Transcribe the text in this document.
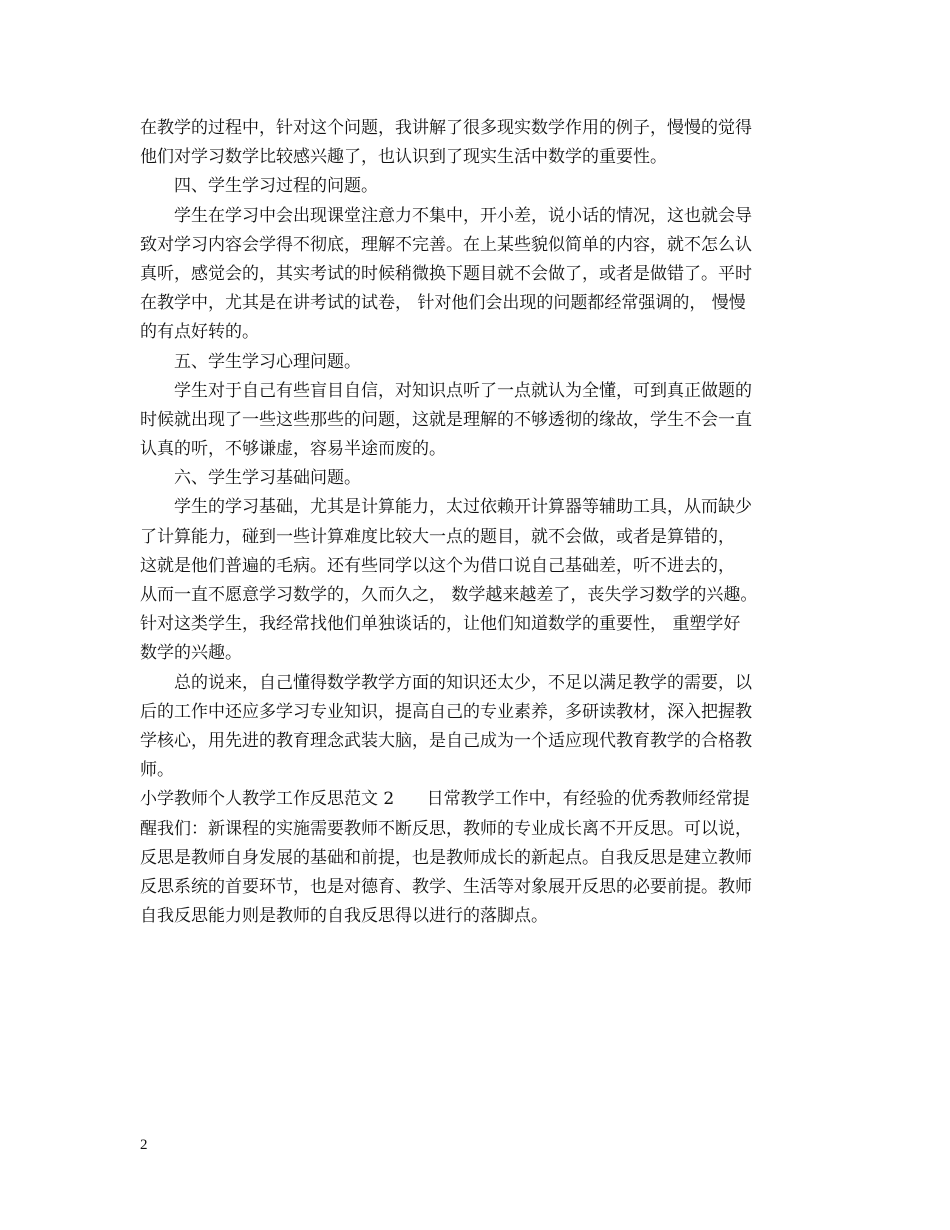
在教学的过程中，针对这个问题，我讲解了很多现实数学作用的例子，慢慢的觉得
他们对学习数学比较感兴趣了，也认识到了现实生活中数学的重要性。
四、学生学习过程的问题。
学生在学习中会出现课堂注意力不集中，开小差，说小话的情况，这也就会导
致对学习内容会学得不彻底，理解不完善。在上某些貌似简单的内容，就不怎么认
真听，感觉会的，其实考试的时候稍微换下题目就不会做了，或者是做错了。平时
在教学中，尤其是在讲考试的试卷， 针对他们会出现的问题都经常强调的， 慢慢
的有点好转的。
五、学生学习心理问题。
学生对于自己有些盲目自信，对知识点听了一点就认为全懂，可到真正做题的
时候就出现了一些这些那些的问题，这就是理解的不够透彻的缘故，学生不会一直
认真的听，不够谦虚，容易半途而废的。
六、学生学习基础问题。
学生的学习基础，尤其是计算能力，太过依赖开计算器等辅助工具，从而缺少
了计算能力，碰到一些计算难度比较大一点的题目，就不会做，或者是算错的，
这就是他们普遍的毛病。还有些同学以这个为借口说自己基础差，听不进去的，
从而一直不愿意学习数学的，久而久之， 数学越来越差了，丧失学习数学的兴趣。
针对这类学生，我经常找他们单独谈话的，让他们知道数学的重要性， 重塑学好
数学的兴趣。
总的说来，自己懂得数学教学方面的知识还太少，不足以满足教学的需要，以
后的工作中还应多学习专业知识，提高自己的专业素养，多研读教材，深入把握教
学核心，用先进的教育理念武装大脑，是自己成为一个适应现代教育教学的合格教
师。
小学教师个人教学工作反思范文 2      日常教学工作中，有经验的优秀教师经常提
醒我们：新课程的实施需要教师不断反思，教师的专业成长离不开反思。可以说，
反思是教师自身发展的基础和前提，也是教师成长的新起点。自我反思是建立教师
反思系统的首要环节，也是对德育、教学、生活等对象展开反思的必要前提。教师
自我反思能力则是教师的自我反思得以进行的落脚点。
2
